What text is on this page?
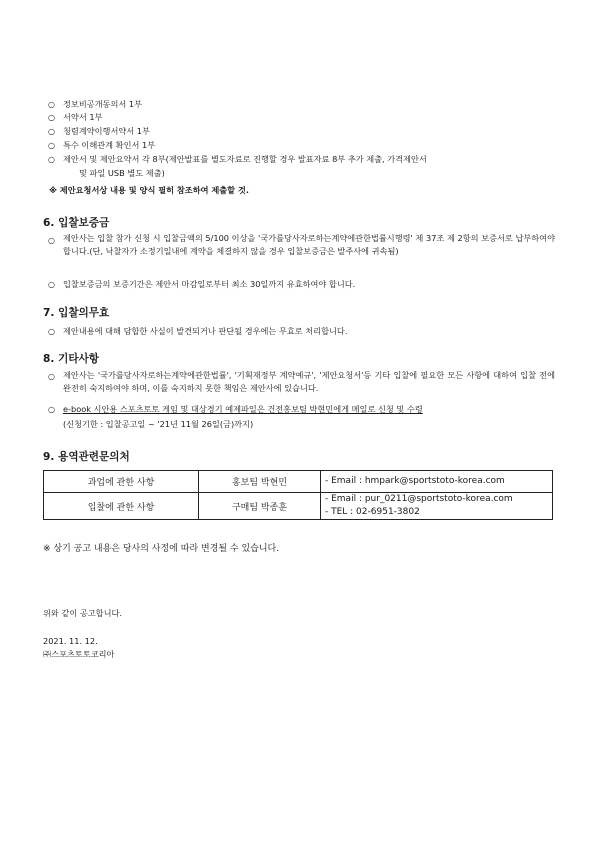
○ 정보비공개동의서 1부
○ 서약서 1부
○ 청렴계약이행서약서 1부
○ 특수 이해관계 확인서 1부
○ 제안서 및 제안요약서 각 8부(제안발표를 별도자료로 진행할 경우 발표자료 8부 추가 제출, 가격제안서
및 파일 USB 별도 제출)
※ 제안요청서상 내용 및 양식 필히 참조하여 제출할 것.
6. 입찰보증금
○ 제안사는 입찰 참가 신청 시 입찰금액의 5/100 이상을 '국가를당사자로하는계약에관한법률시행령' 제 37조 제 2항의 보증서로 납부하여야 합니다.(단, 낙찰자가 소정기일내에 계약을 체결하지 않을 경우 입찰보증금은 발주사에 귀속됨)
○ 입찰보증금의 보증기간은 제안서 마감일로부터 최소 30일까지 유효하여야 합니다.
7. 입찰의무효
○ 제안내용에 대해 담합한 사실이 발견되거나 판단될 경우에는 무효로 처리합니다.
8. 기타사항
○ 제안사는 '국가를당사자로하는계약에관한법률', '기획재정부 계약예규', '제안요청서'등 기타 입찰에 필요한 모든 사항에 대하여 입찰 전에 완전히 숙지하여야 하며, 이를 숙지하지 못한 책임은 제안사에 있습니다.
○ e-book 시안용 스포츠토토 게임 및 대상경기 예제파일은 건전홍보팀 박현민에게 메일로 신청 및 수령
(신청기한 : 입찰공고일 ~ '21년 11월 26일(금)까지)
9. 용역관련문의처
과업에 관한 사항	홍보팀 박현민	- Email : hmpark@sportstoto-korea.com

입찰에 관한 사항	구매팀 박종훈	- Email : pur_0211@sportstoto-korea.com
- TEL : 02-6951-3802
※ 상기 공고 내용은 당사의 사정에 따라 변경될 수 있습니다.
위와 같이 공고합니다.
2021. 11. 12.
㈜스포츠토토코리아
